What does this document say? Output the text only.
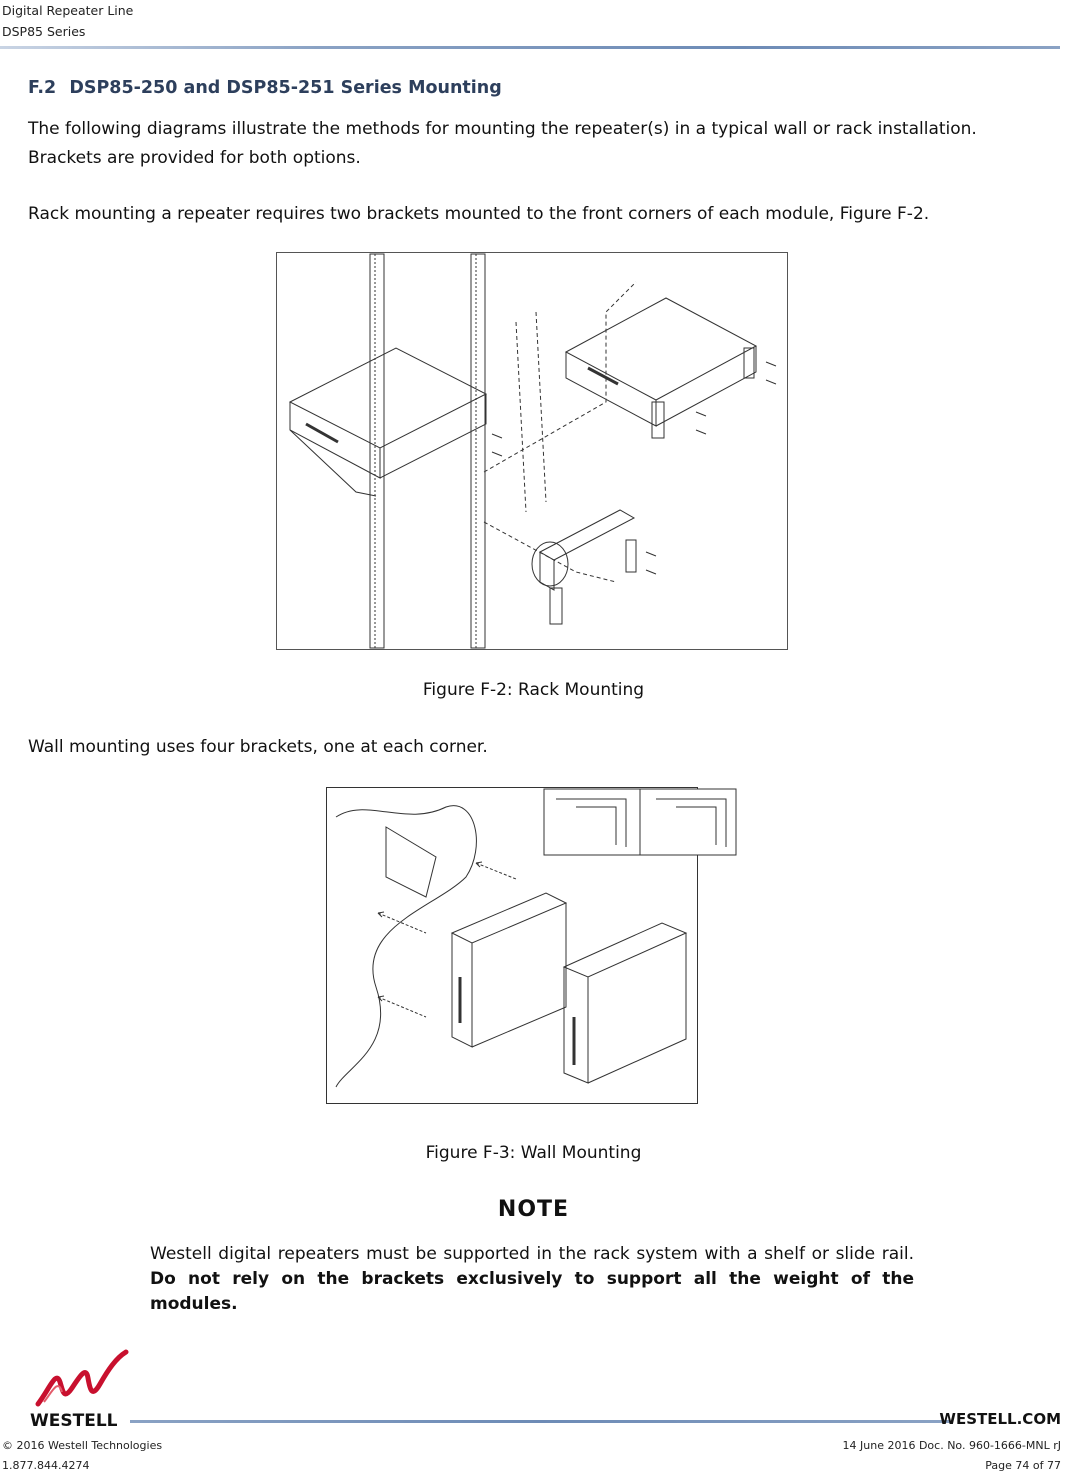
Digital Repeater Line
DSP85 Series
F.2 DSP85-250 and DSP85-251 Series Mounting
The following diagrams illustrate the methods for mounting the repeater(s) in a typical wall or rack installation. Brackets are provided for both options.
Rack mounting a repeater requires two brackets mounted to the front corners of each module, Figure F-2.
Figure F-2: Rack Mounting
Wall mounting uses four brackets, one at each corner.
Figure F-3: Wall Mounting
NOTE
Westell digital repeaters must be supported in the rack system with a shelf or slide rail. Do not rely on the brackets exclusively to support all the weight of the modules.
WESTELL	WESTELL.COM
© 2016 Westell Technologies	14 June 2016 Doc. No. 960-1666-MNL rJ
1.877.844.4274	Page 74 of 77
